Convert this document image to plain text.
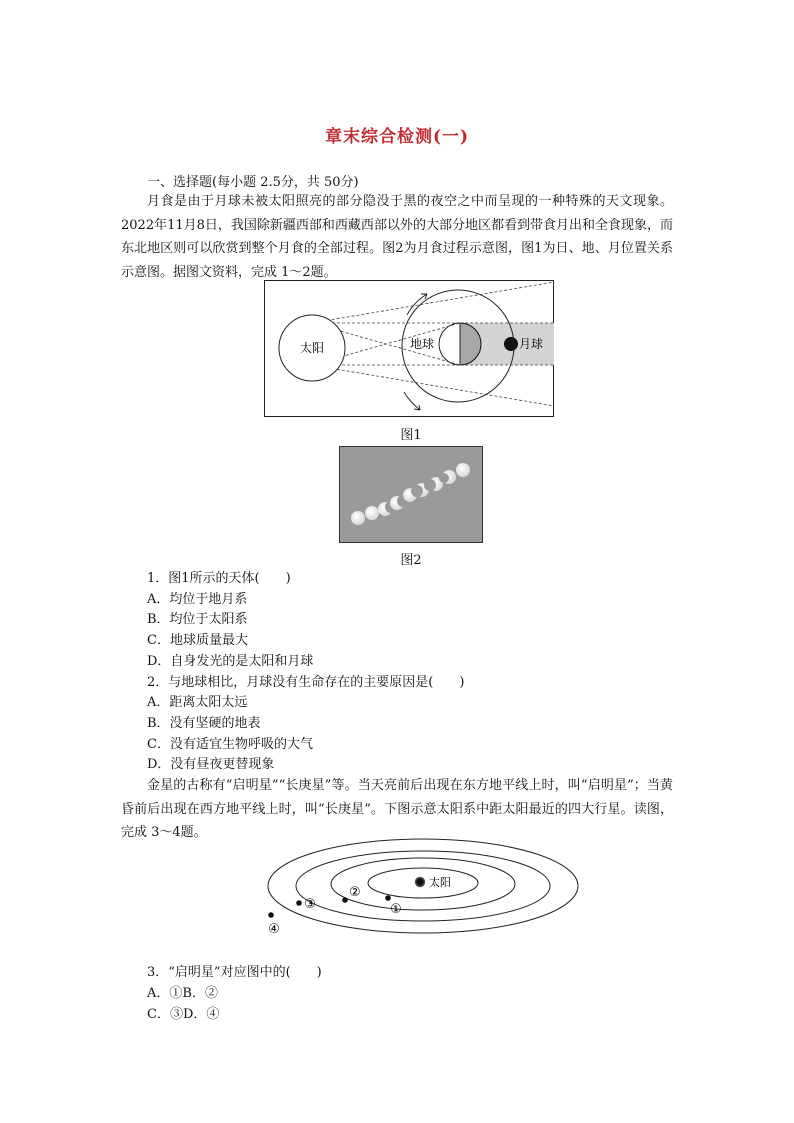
章末综合检测(一)
一、选择题(每小题 2.5分，共 50分)
月食是由于月球未被太阳照亮的部分隐没于黑的夜空之中而呈现的一种特殊的天文现象。2022年11月8日，我国除新疆西部和西藏西部以外的大部分地区都看到带食月出和全食现象，而东北地区则可以欣赏到整个月食的全部过程。图2为月食过程示意图，图1为日、地、月位置关系示意图。据图文资料，完成 1～2题。
太阳	地球	月球
图1
图2
1．图1所示的天体(　　)
A．均位于地月系
B．均位于太阳系
C．地球质量最大
D．自身发光的是太阳和月球
2．与地球相比，月球没有生命存在的主要原因是(　　)
A．距离太阳太远
B．没有坚硬的地表
C．没有适宜生物呼吸的大气
D．没有昼夜更替现象
金星的古称有“启明星”“长庚星”等。当天亮前后出现在东方地平线上时，叫“启明星”；当黄昏前后出现在西方地平线上时，叫“长庚星”。下图示意太阳系中距太阳最近的四大行星。读图，完成 3～4题。
太阳
①
②
③
④
3．“启明星”对应图中的(　　)
A．①B．②
C．③D．④
